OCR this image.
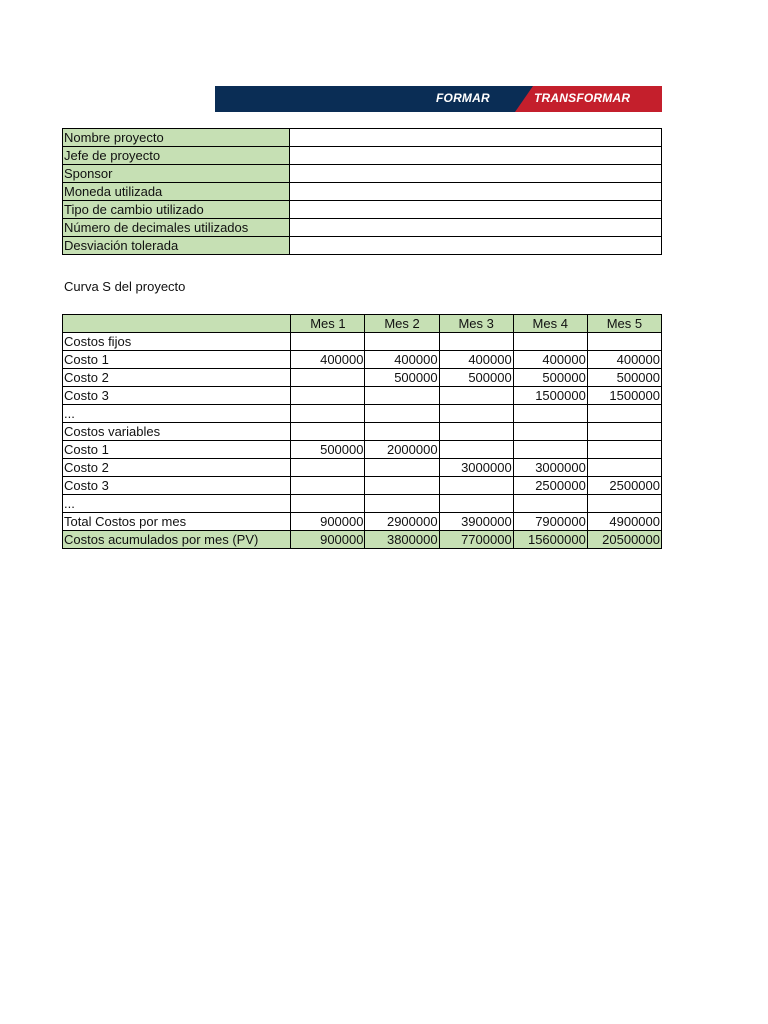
FORMAR	TRANSFORMAR
Nombre proyecto	
Jefe de proyecto	
Sponsor	
Moneda utilizada	
Tipo de cambio utilizado	
Número de decimales utilizados	
Desviación tolerada	
Curva S del proyecto
	Mes 1	Mes 2	Mes 3	Mes 4	Mes 5
Costos fijos					
Costo 1	400000	400000	400000	400000	400000
Costo 2		500000	500000	500000	500000
Costo 3				1500000	1500000
...					
Costos variables					
Costo 1	500000	2000000			
Costo 2			3000000	3000000	
Costo 3				2500000	2500000
...					
Total Costos por mes	900000	2900000	3900000	7900000	4900000
Costos acumulados por mes (PV)	900000	3800000	7700000	15600000	20500000
